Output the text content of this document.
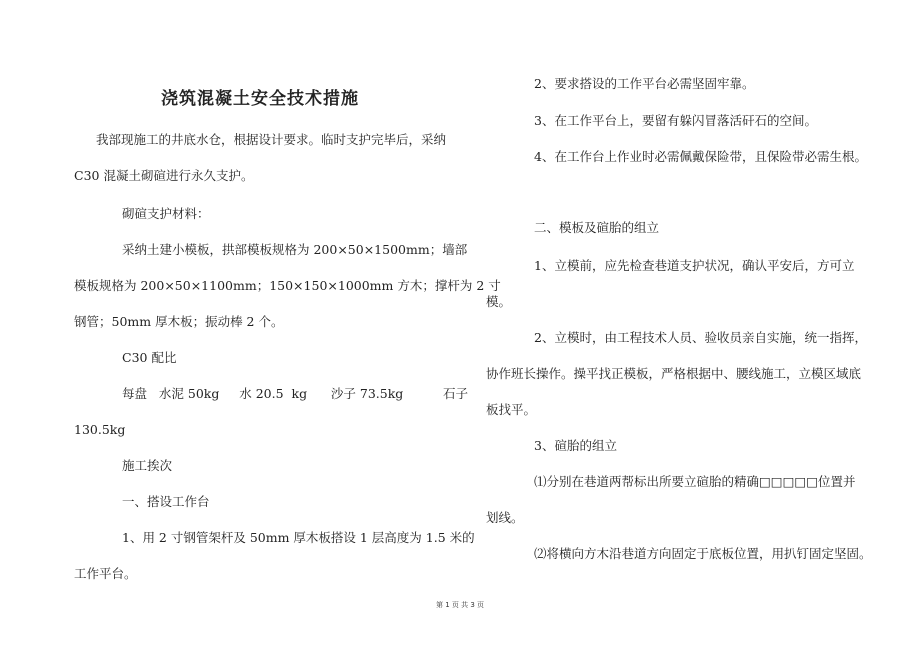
浇筑混凝土安全技术措施

我部现施工的井底水仓，根据设计要求。临时支护完毕后，采纳

C30 混凝土砌碹进行永久支护。

砌碹支护材料：

采纳土建小模板，拱部模板规格为 200×50×1500mm；墙部

模板规格为 200×50×1100mm；150×150×1000mm 方木；撑杆为 2 寸

钢管；50mm 厚木板；振动棒 2 个。

C30 配比

每盘   水泥 50kg     水 20.5  kg      沙子 73.5kg          石子

130.5kg

施工挨次

一、搭设工作台

1、用 2 寸钢管架杆及 50mm 厚木板搭设 1 层高度为 1.5 米的

工作平台。

2、要求搭设的工作平台必需坚固牢靠。

3、在工作平台上，要留有躲闪冒落活矸石的空间。

4、在工作台上作业时必需佩戴保险带，且保险带必需生根。

二、模板及碹胎的组立

1、立模前，应先检查巷道支护状况，确认平安后，方可立

模。

2、立模时，由工程技术人员、验收员亲自实施，统一指挥，

协作班长操作。操平找正模板，严格根据中、腰线施工，立模区域底

板找平。

3、碹胎的组立

⑴分别在巷道两帮标出所要立碹胎的精确□□□□□位置并

划线。

⑵将横向方木沿巷道方向固定于底板位置，用扒钉固定坚固。

第 1 页 共 3 页
